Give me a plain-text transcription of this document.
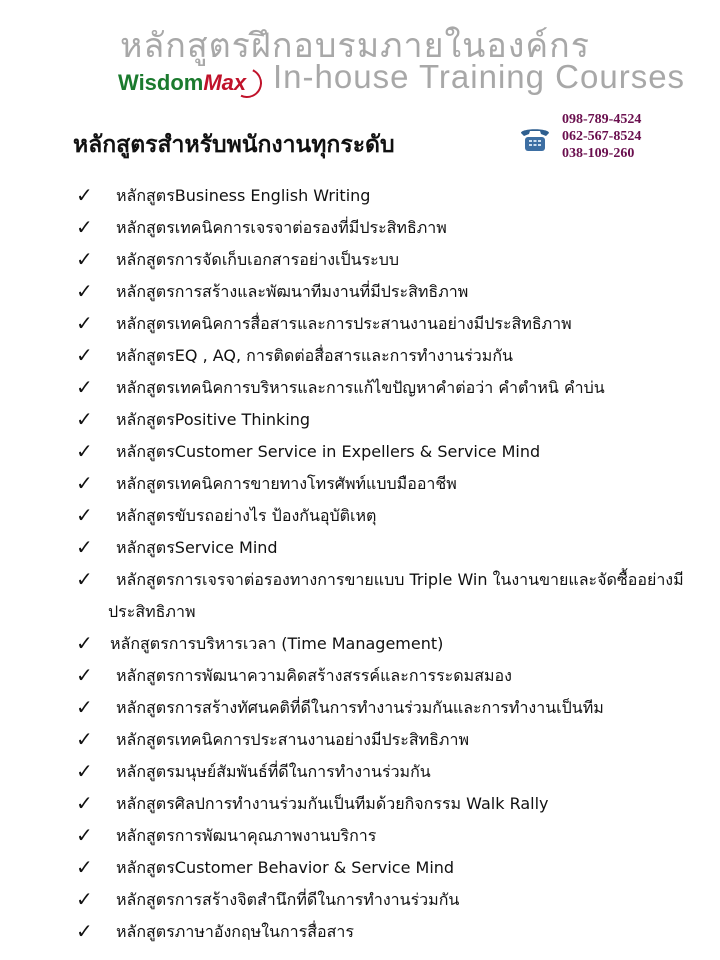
หลักสูตรฝึกอบรมภายในองค์กร
Wisdom Max In-house Training Courses
หลักสูตรสำหรับพนักงานทุกระดับ
098-789-4524
062-567-8524
038-109-260
✓	หลักสูตรBusiness English Writing
✓	หลักสูตรเทคนิคการเจรจาต่อรองที่มีประสิทธิภาพ
✓	หลักสูตรการจัดเก็บเอกสารอย่างเป็นระบบ
✓	หลักสูตรการสร้างและพัฒนาทีมงานที่มีประสิทธิภาพ
✓	หลักสูตรเทคนิคการสื่อสารและการประสานงานอย่างมีประสิทธิภาพ
✓	หลักสูตรEQ , AQ, การติดต่อสื่อสารและการทำงานร่วมกัน
✓	หลักสูตรเทคนิคการบริหารและการแก้ไขปัญหาคำต่อว่า คำตำหนิ คำบ่น
✓	หลักสูตรPositive Thinking
✓	หลักสูตรCustomer Service in Expellers & Service Mind
✓	หลักสูตรเทคนิคการขายทางโทรศัพท์แบบมืออาชีพ
✓	หลักสูตรขับรถอย่างไร ป้องกันอุบัติเหตุ
✓	หลักสูตรService Mind
✓	หลักสูตรการเจรจาต่อรองทางการขายแบบ Triple Win ในงานขายและจัดซื้ออย่างมี
ประสิทธิภาพ
✓	หลักสูตรการบริหารเวลา (Time Management)
✓	หลักสูตรการพัฒนาความคิดสร้างสรรค์และการระดมสมอง
✓	หลักสูตรการสร้างทัศนคติที่ดีในการทำงานร่วมกันและการทำงานเป็นทีม
✓	หลักสูตรเทคนิคการประสานงานอย่างมีประสิทธิภาพ
✓	หลักสูตรมนุษย์สัมพันธ์ที่ดีในการทำงานร่วมกัน
✓	หลักสูตรศิลปการทำงานร่วมกันเป็นทีมด้วยกิจกรรม Walk Rally
✓	หลักสูตรการพัฒนาคุณภาพงานบริการ
✓	หลักสูตรCustomer Behavior & Service Mind
✓	หลักสูตรการสร้างจิตสำนึกที่ดีในการทำงานร่วมกัน
✓	หลักสูตรภาษาอังกฤษในการสื่อสาร
